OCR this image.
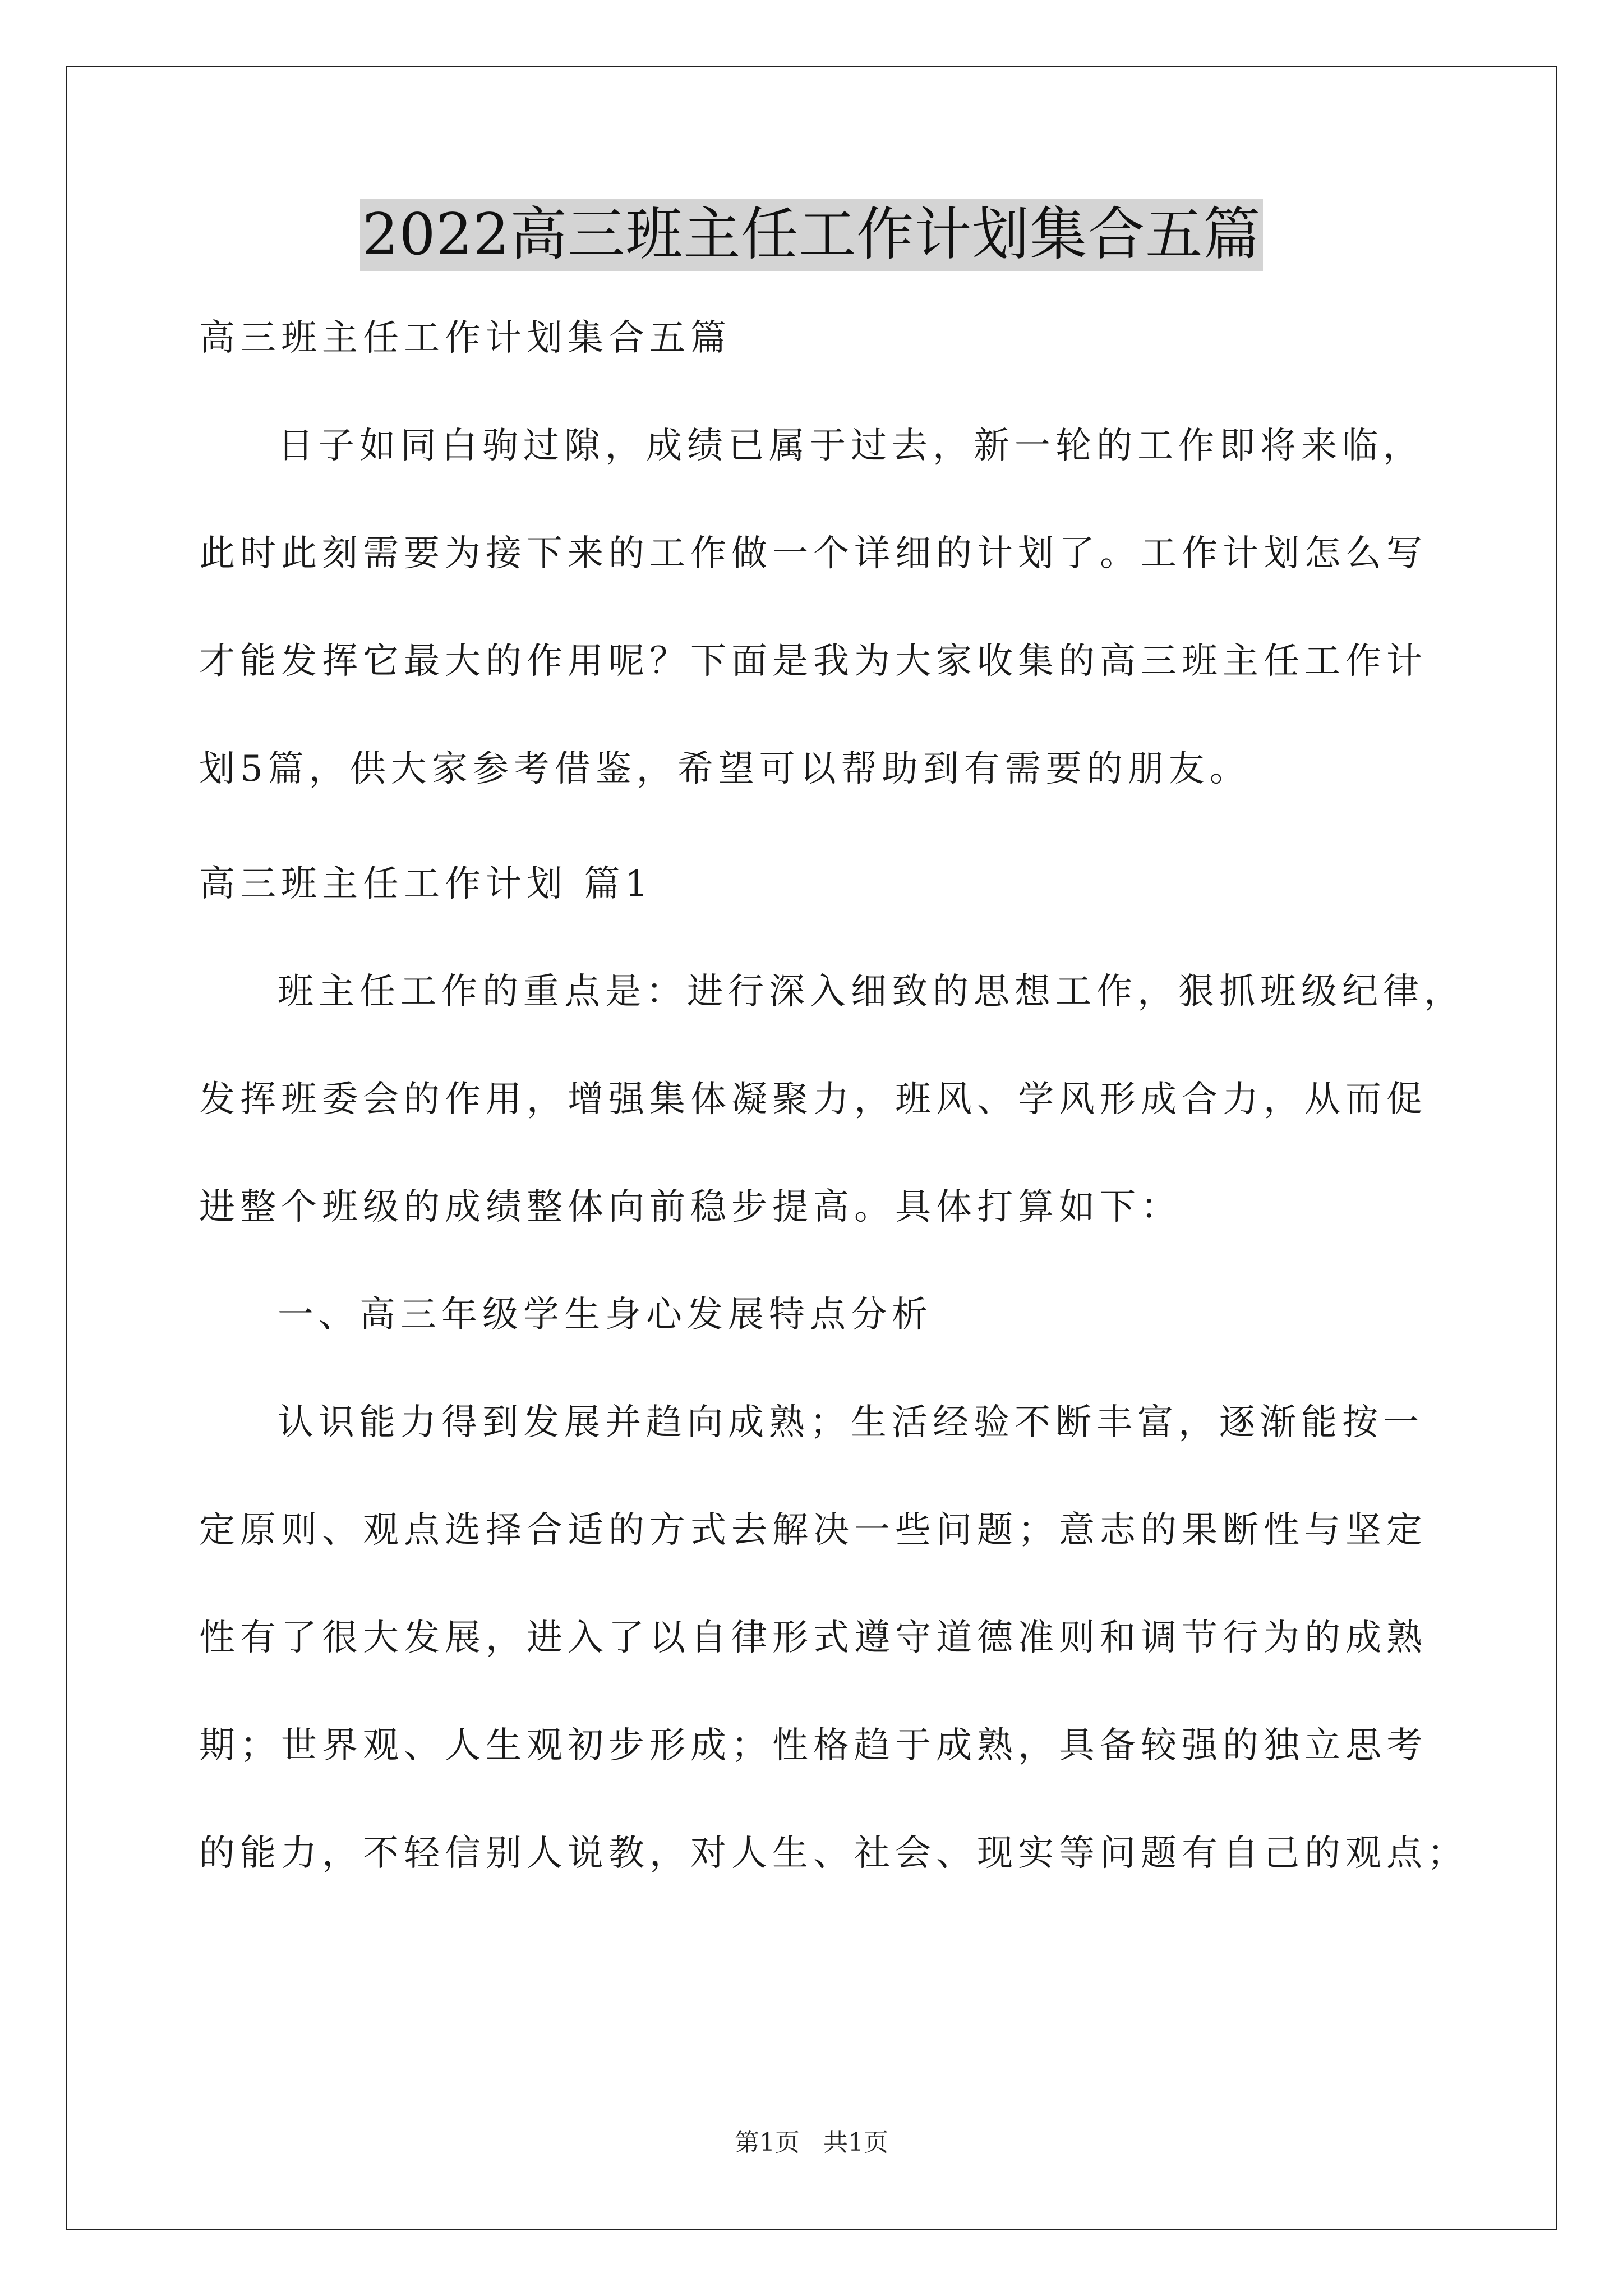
2022高三班主任工作计划集合五篇
高三班主任工作计划集合五篇
日子如同白驹过隙，成绩已属于过去，新一轮的工作即将来临，
此时此刻需要为接下来的工作做一个详细的计划了。工作计划怎么写
才能发挥它最大的作用呢？下面是我为大家收集的高三班主任工作计
划5篇，供大家参考借鉴，希望可以帮助到有需要的朋友。
高三班主任工作计划 篇1
班主任工作的重点是：进行深入细致的思想工作，狠抓班级纪律，
发挥班委会的作用，增强集体凝聚力，班风、学风形成合力，从而促
进整个班级的成绩整体向前稳步提高。具体打算如下：
一、高三年级学生身心发展特点分析
认识能力得到发展并趋向成熟；生活经验不断丰富，逐渐能按一
定原则、观点选择合适的方式去解决一些问题；意志的果断性与坚定
性有了很大发展，进入了以自律形式遵守道德准则和调节行为的成熟
期；世界观、人生观初步形成；性格趋于成熟，具备较强的独立思考
的能力，不轻信别人说教，对人生、社会、现实等问题有自己的观点；
第1页   共1页
